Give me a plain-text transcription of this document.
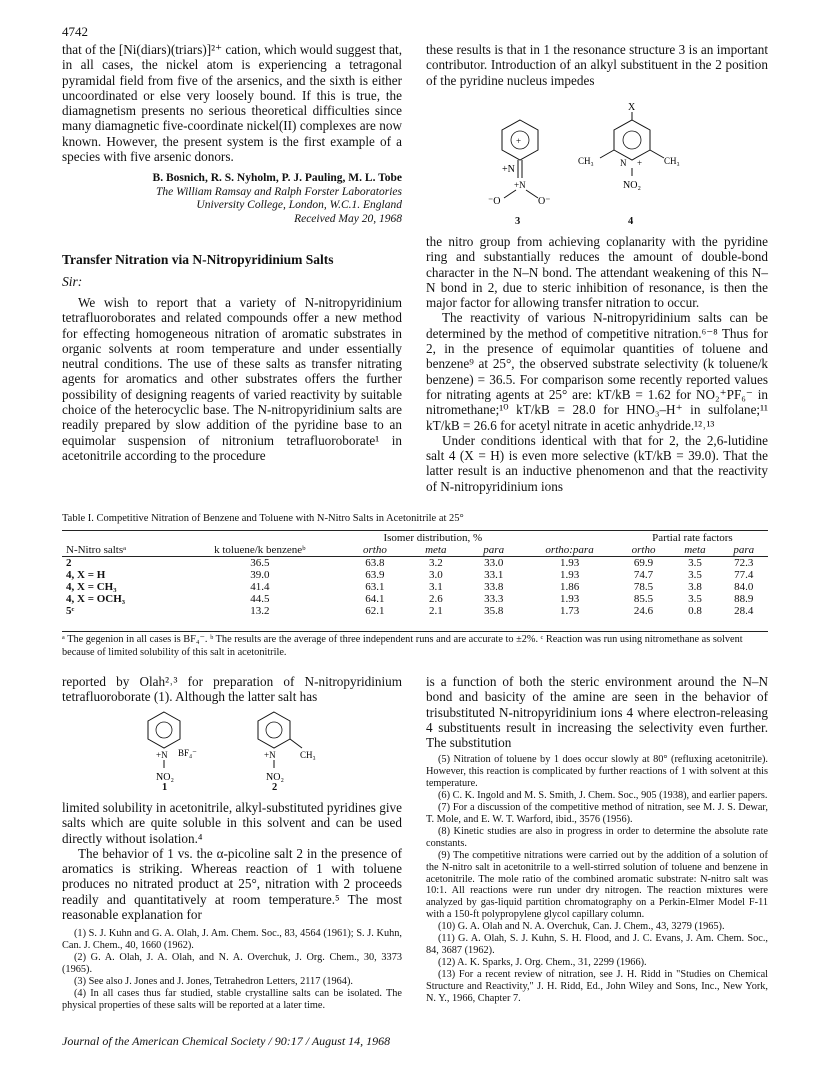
4742

that of the [Ni(diars)(triars)]²⁺ cation, which would suggest that, in all cases, the nickel atom is experiencing a tetragonal pyramidal field from five of the arsenics, and the sixth is either uncoordinated or else very loosely bound. If this is true, the diamagnetism presents no serious theoretical difficulties since many diamagnetic five-coordinate nickel(II) complexes are now known. However, the present system is the first example of a species with five arsenic donors.

B. Bosnich, R. S. Nyholm, P. J. Pauling, M. L. Tobe
The William Ramsay and Ralph Forster Laboratories
University College, London, W.C.1. England
Received May 20, 1968
Transfer Nitration via N-Nitropyridinium Salts
Sir:

We wish to report that a variety of N-nitropyridinium tetrafluoroborates and related compounds offer a new method for effecting homogeneous nitration of aromatic substrates in organic solvents at room temperature and under essentially neutral conditions. The use of these salts as transfer nitrating agents for aromatics and other substrates offers the further possibility of designing reagents of varied reactivity by suitable choice of the heterocyclic base. The N-nitropyridinium salts are readily prepared by slow addition of the pyridine base to an equimolar suspension of nitronium tetrafluoroborate¹ in acetonitrile according to the procedure

these results is that in 1 the resonance structure 3 is an important contributor. Introduction of an alkyl substituent in the 2 position of the pyridine nucleus impedes

+
+N
+N
⁻O	O⁻
X
CH₃	N + CH₃
NO₂
3	4

the nitro group from achieving coplanarity with the pyridine ring and substantially reduces the amount of double-bond character in the N–N bond. The attendant weakening of this N–N bond in 2, due to steric inhibition of resonance, is then the major factor for allowing transfer nitration to occur.

The reactivity of various N-nitropyridinium salts can be determined by the method of competitive nitration.⁶⁻⁸ Thus for 2, in the presence of equimolar quantities of toluene and benzene⁹ at 25°, the observed substrate selectivity (k toluene/k benzene) = 36.5. For comparison some recently reported values for nitrating agents at 25° are: kT/kB = 1.62 for NO₂⁺PF₆⁻ in nitromethane;¹⁰ kT/kB = 28.0 for HNO₃–H⁺ in sulfolane;¹¹ kT/kB = 26.6 for acetyl nitrate in acetic anhydride.¹²˒¹³

Under conditions identical with that for 2, the 2,6-lutidine salt 4 (X = H) is even more selective (kT/kB = 39.0). That the latter result is an inductive phenomenon and that the reactivity of N-nitropyridinium ions

Table I. Competitive Nitration of Benzene and Toluene with N-Nitro Salts in Acetonitrile at 25°
		Isomer distribution, %				Partial rate factors		
N-Nitro saltsᵃ	k toluene/k benzeneᵇ	ortho	meta	para	ortho:para	ortho	meta	para
2	36.5	63.8	3.2	33.0	1.93	69.9	3.5	72.3
4, X = H	39.0	63.9	3.0	33.1	1.93	74.7	3.5	77.4
4, X = CH₃	41.4	63.1	3.1	33.8	1.86	78.5	3.8	84.0
4, X = OCH₃	44.5	64.1	2.6	33.3	1.93	85.5	3.5	88.9
5ᶜ	13.2	62.1	2.1	35.8	1.73	24.6	0.8	28.4
ᵃ The gegenion in all cases is BF₄⁻. ᵇ The results are the average of three independent runs and are accurate to ±2%. ᶜ Reaction was run using nitromethane as solvent because of limited solubility of this salt in acetonitrile.

reported by Olah²˒³ for preparation of N-nitropyridinium tetrafluoroborate (1). Although the latter salt has

+N BF₄⁻
NO₂
+N	CH₃
NO₂
1	2

limited solubility in acetonitrile, alkyl-substituted pyridines give salts which are quite soluble in this solvent and can be used directly without isolation.⁴

The behavior of 1 vs. the α-picoline salt 2 in the presence of aromatics is striking. Whereas reaction of 1 with toluene produces no nitrated product at 25°, nitration with 2 proceeds readily and quantitatively at room temperature.⁵ The most reasonable explanation for

(1) S. J. Kuhn and G. A. Olah, J. Am. Chem. Soc., 83, 4564 (1961); S. J. Kuhn, Can. J. Chem., 40, 1660 (1962).

(2) G. A. Olah, J. A. Olah, and N. A. Overchuk, J. Org. Chem., 30, 3373 (1965).

(3) See also J. Jones and J. Jones, Tetrahedron Letters, 2117 (1964).

(4) In all cases thus far studied, stable crystalline salts can be isolated. The physical properties of these salts will be reported at a later time.

is a function of both the steric environment around the N–N bond and basicity of the amine are seen in the behavior of trisubstituted N-nitropyridinium ions 4 where electron-releasing 4 substituents result in increasing the selectivity even further. The substitution

(5) Nitration of toluene by 1 does occur slowly at 80° (refluxing acetonitrile). However, this reaction is complicated by further reactions of 1 with solvent at this temperature.

(6) C. K. Ingold and M. S. Smith, J. Chem. Soc., 905 (1938), and earlier papers.

(7) For a discussion of the competitive method of nitration, see M. J. S. Dewar, T. Mole, and E. W. T. Warford, ibid., 3576 (1956).

(8) Kinetic studies are also in progress in order to determine the absolute rate constants.

(9) The competitive nitrations were carried out by the addition of a solution of the N-nitro salt in acetonitrile to a well-stirred solution of toluene and benzene in acetonitrile. The mole ratio of the combined aromatic substrate: N-nitro salt was 10:1. All reactions were run under dry nitrogen. The reaction mixtures were analyzed by gas-liquid partition chromatography on a Perkin-Elmer Model F-11 with a 150-ft polypropylene glycol capillary column.

(10) G. A. Olah and N. A. Overchuk, Can. J. Chem., 43, 3279 (1965).

(11) G. A. Olah, S. J. Kuhn, S. H. Flood, and J. C. Evans, J. Am. Chem. Soc., 84, 3687 (1962).

(12) A. K. Sparks, J. Org. Chem., 31, 2299 (1966).

(13) For a recent review of nitration, see J. H. Ridd in "Studies on Chemical Structure and Reactivity," J. H. Ridd, Ed., John Wiley and Sons, Inc., New York, N. Y., 1966, Chapter 7.

Journal of the American Chemical Society / 90:17 / August 14, 1968
